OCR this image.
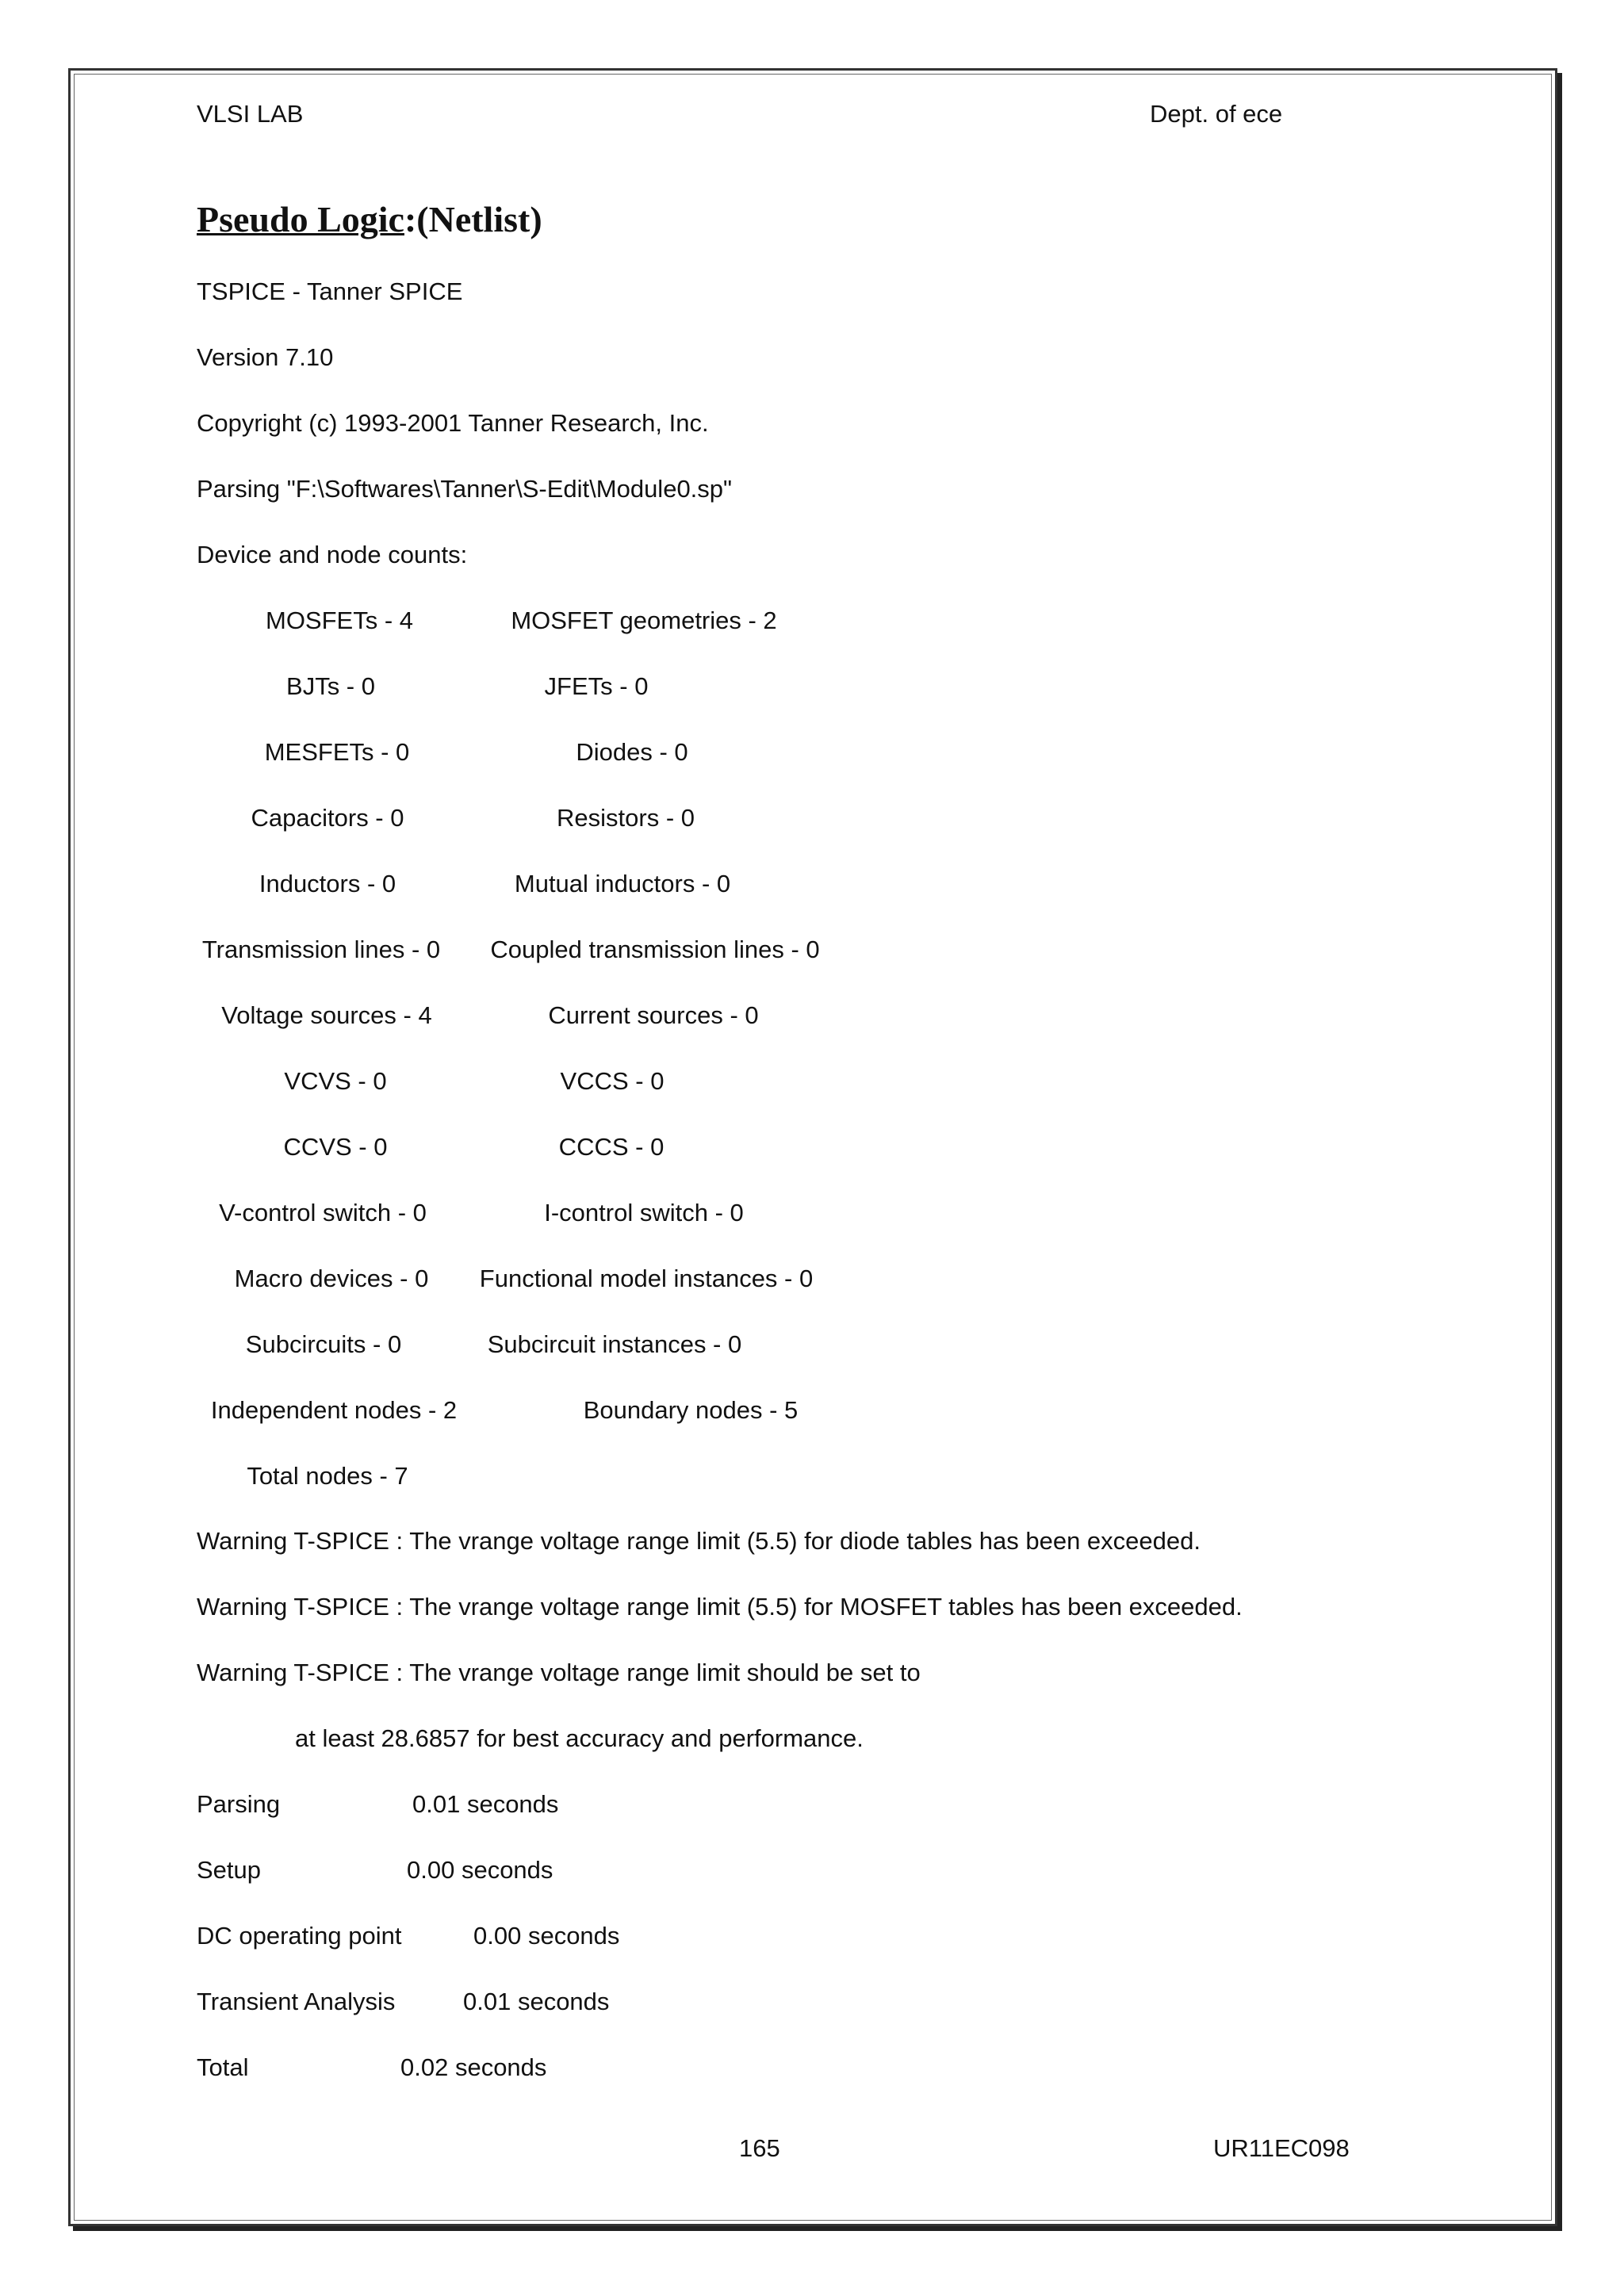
VLSI LAB	Dept. of ece
Pseudo Logic:(Netlist)
TSPICE - Tanner SPICE
Version 7.10
Copyright (c) 1993-2001 Tanner Research, Inc.
Parsing "F:\Softwares\Tanner\S-Edit\Module0.sp"
Device and node counts:
MOSFETs - 4	MOSFET geometries - 2
BJTs - 0	JFETs - 0
MESFETs - 0	Diodes - 0
Capacitors - 0	Resistors - 0
Inductors - 0	Mutual inductors - 0
Transmission lines - 0 Coupled transmission lines - 0
Voltage sources - 4	Current sources - 0
VCVS - 0	VCCS - 0
CCVS - 0	CCCS - 0
V-control switch - 0	I-control switch - 0
Macro devices - 0 Functional model instances - 0
Subcircuits - 0	Subcircuit instances - 0
Independent nodes - 2	Boundary nodes - 5
Total nodes - 7
Warning T-SPICE : The vrange voltage range limit (5.5) for diode tables has been exceeded.
Warning T-SPICE : The vrange voltage range limit (5.5) for MOSFET tables has been exceeded.
Warning T-SPICE : The vrange voltage range limit should be set to
at least 28.6857 for best accuracy and performance.
Parsing	0.01 seconds
Setup	0.00 seconds
DC operating point	0.00 seconds
Transient Analysis	0.01 seconds
Total	0.02 seconds
165	UR11EC098
